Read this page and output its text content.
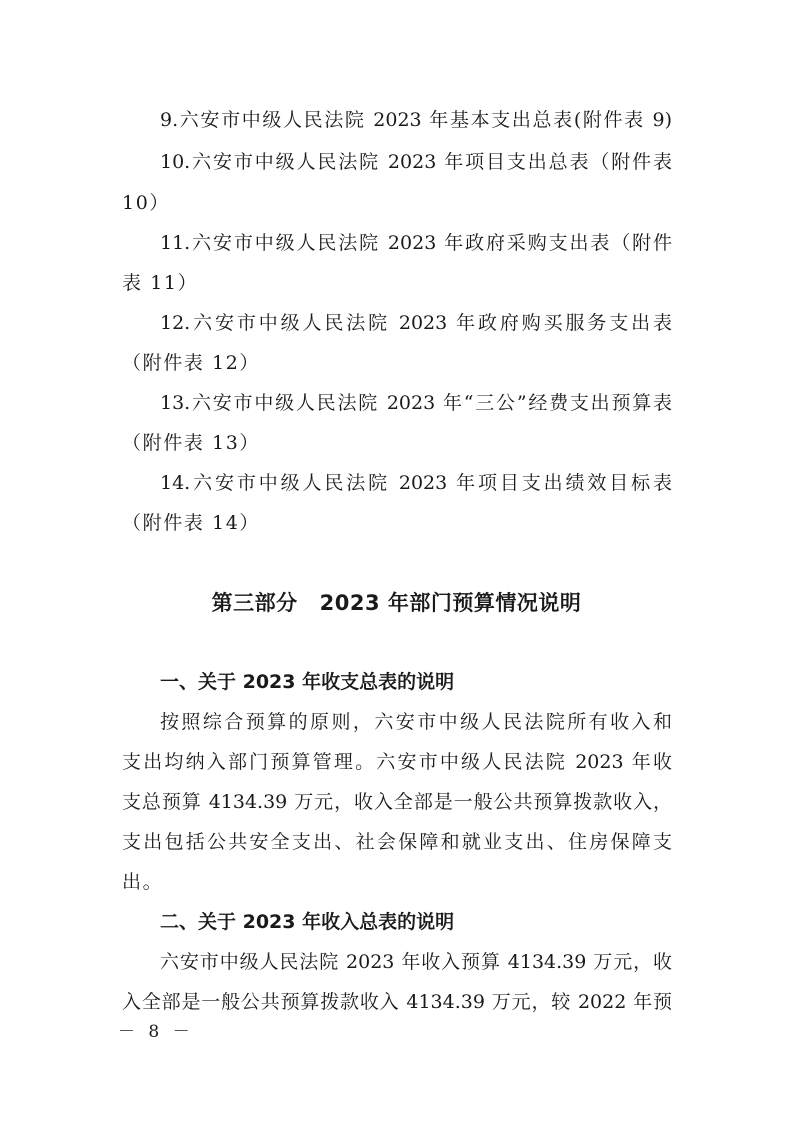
9.六安市中级人民法院 2023 年基本支出总表(附件表 9)
10.六安市中级人民法院 2023 年项目支出总表（附件表
10）
11.六安市中级人民法院 2023 年政府采购支出表（附件
表 11）
12.六安市中级人民法院 2023 年政府购买服务支出表
（附件表 12）
13.六安市中级人民法院 2023 年“三公”经费支出预算表
（附件表 13）
14.六安市中级人民法院 2023 年项目支出绩效目标表
（附件表 14）
第三部分 2023 年部门预算情况说明
一、关于 2023 年收支总表的说明
按照综合预算的原则，六安市中级人民法院所有收入和
支出均纳入部门预算管理。六安市中级人民法院 2023 年收
支总预算 4134.39 万元，收入全部是一般公共预算拨款收入，
支出包括公共安全支出、社会保障和就业支出、住房保障支
出。
二、关于 2023 年收入总表的说明
六安市中级人民法院 2023 年收入预算 4134.39 万元，收
入全部是一般公共预算拨款收入 4134.39 万元，较 2022 年预
－ 8 －
